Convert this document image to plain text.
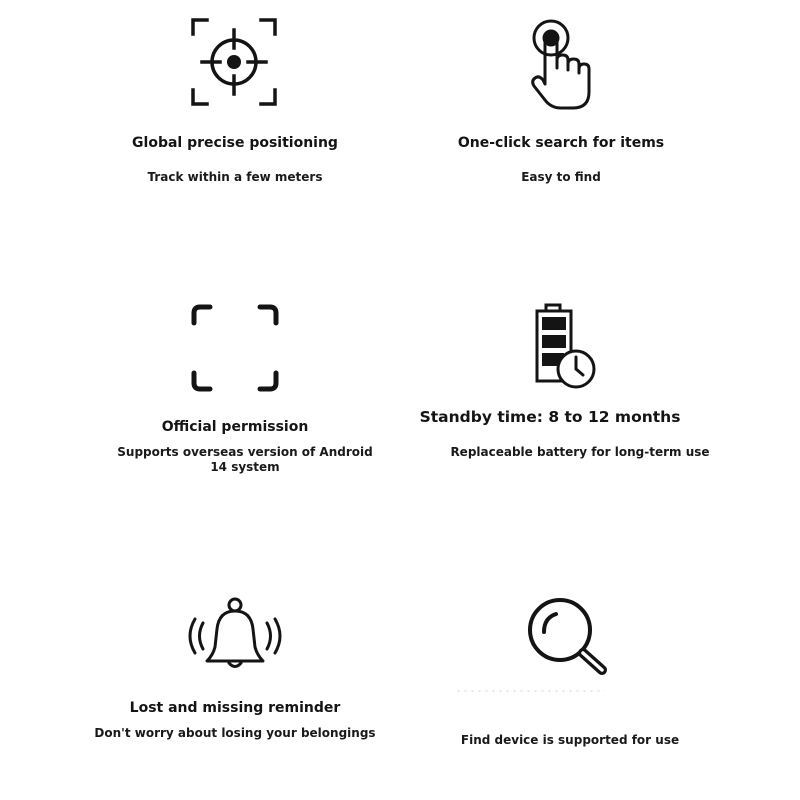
Global precise positioning
Track within a few meters
One-click search for items
Easy to find
Official permission
Supports overseas version of Android 14 system
Standby time: 8 to 12 months
Replaceable battery for long-term use
Lost and missing reminder
Don't worry about losing your belongings	Find device is supported for use
